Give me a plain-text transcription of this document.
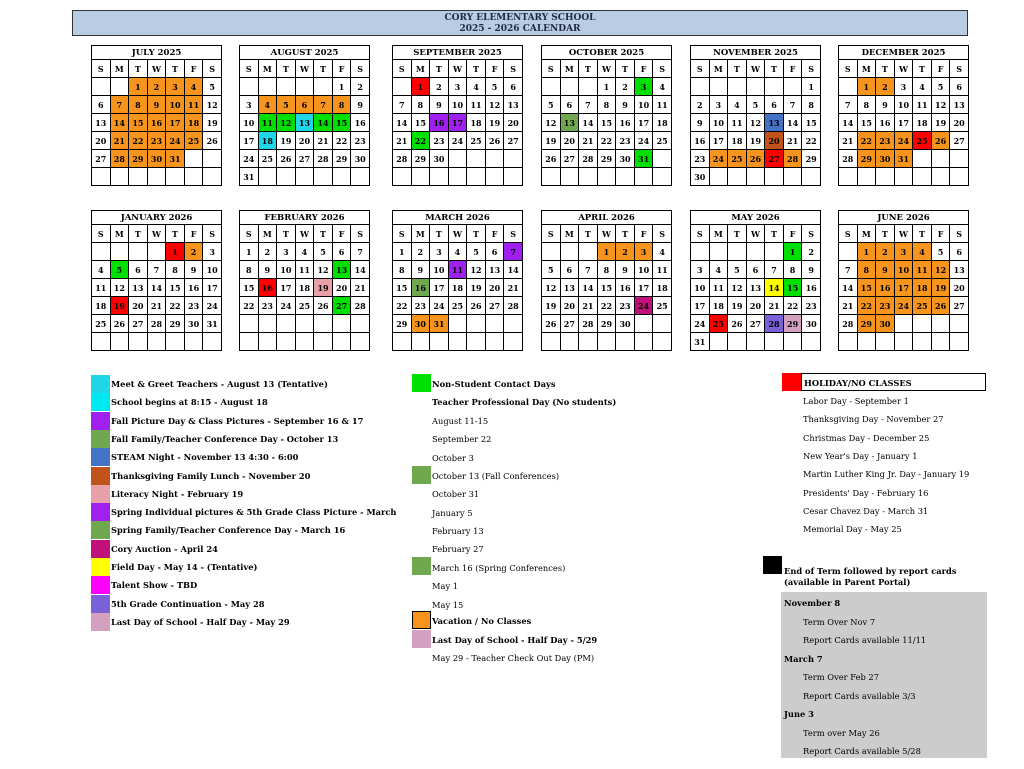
CORY ELEMENTARY SCHOOL
2025 - 2026 CALENDAR
JULY 2025
S	M	T	W	T	F	S
		1	2	3	4	5
6	7	8	9	10	11	12
13	14	15	16	17	18	19
20	21	22	23	24	25	26
27	28	29	30	31		

AUGUST 2025
S	M	T	W	T	F	S
					1	2
3	4	5	6	7	8	9
10	11	12	13	14	15	16
17	18	19	20	21	22	23
24	25	26	27	28	29	30
31						
SEPTEMBER 2025
S	M	T	W	T	F	S
	1	2	3	4	5	6
7	8	9	10	11	12	13
14	15	16	17	18	19	20
21	22	23	24	25	26	27
28	29	30				

OCTOBER 2025
S	M	T	W	T	F	S
			1	2	3	4
5	6	7	8	9	10	11
12	13	14	15	16	17	18
19	20	21	22	23	24	25
26	27	28	29	30	31	

NOVEMBER 2025
S	M	T	W	T	F	S
						1
2	3	4	5	6	7	8
9	10	11	12	13	14	15
16	17	18	19	20	21	22
23	24	25	26	27	28	29
30						
DECEMBER 2025
S	M	T	W	T	F	S
	1	2	3	4	5	6
7	8	9	10	11	12	13
14	15	16	17	18	19	20
21	22	23	24	25	26	27
28	29	30	31			

JANUARY 2026
S	M	T	W	T	F	S
				1	2	3
4	5	6	7	8	9	10
11	12	13	14	15	16	17
18	19	20	21	22	23	24
25	26	27	28	29	30	31

FEBRUARY 2026
S	M	T	W	T	F	S
1	2	3	4	5	6	7
8	9	10	11	12	13	14
15	16	17	18	19	20	21
22	23	24	25	26	27	28

MARCH 2026
S	M	T	W	T	F	S
1	2	3	4	5	6	7
8	9	10	11	12	13	14
15	16	17	18	19	20	21
22	23	24	25	26	27	28
29	30	31				

APRIL 2026
S	M	T	W	T	F	S
			1	2	3	4
5	6	7	8	9	10	11
12	13	14	15	16	17	18
19	20	21	22	23	24	25
26	27	28	29	30		

MAY 2026
S	M	T	W	T	F	S
					1	2
3	4	5	6	7	8	9
10	11	12	13	14	15	16
17	18	19	20	21	22	23
24	25	26	27	28	29	30
31						
JUNE 2026
S	M	T	W	T	F	S
	1	2	3	4	5	6
7	8	9	10	11	12	13
14	15	16	17	18	19	20
21	22	23	24	25	26	27
28	29	30				

Meet & Greet Teachers - August 13 (Tentative)
School begins at 8:15 - August 18
Fall Picture Day & Class Pictures - September 16 & 17
Fall Family/Teacher Conference Day - October 13
STEAM Night - November 13 4:30 - 6:00
Thanksgiving Family Lunch - November 20
Literacy Night - February 19
Spring Individual pictures & 5th Grade Class Picture - March
Spring Family/Teacher Conference Day - March 16
Cory Auction - April 24
Field Day - May 14 - (Tentative)
Talent Show - TBD
5th Grade Continuation - May 28
Last Day of School - Half Day - May 29
Non-Student Contact Days
Teacher Professional Day (No students)
August 11-15
September 22
October 3
October 13 (Fall Conferences)
October 31
January 5
February 13
February 27
March 16 (Spring Conferences)
May 1
May 15
Vacation / No Classes
Last Day of School - Half Day - 5/29
May 29 - Teacher Check Out Day (PM)
HOLIDAY/NO CLASSES
Labor Day - September 1
Thanksgiving Day - November 27
Christmas Day - December 25
New Year's Day - January 1
Martin Luther King Jr. Day - January 19
Presidents' Day - February 16
Cesar Chavez Day - March 31
Memorial Day - May 25
End of Term followed by report cards (available in Parent Portal)
November 8
Term Over Nov 7
Report Cards available 11/11
March 7
Term Over Feb 27
Report Cards available 3/3
June 3
Term over May 26
Report Cards available 5/28
